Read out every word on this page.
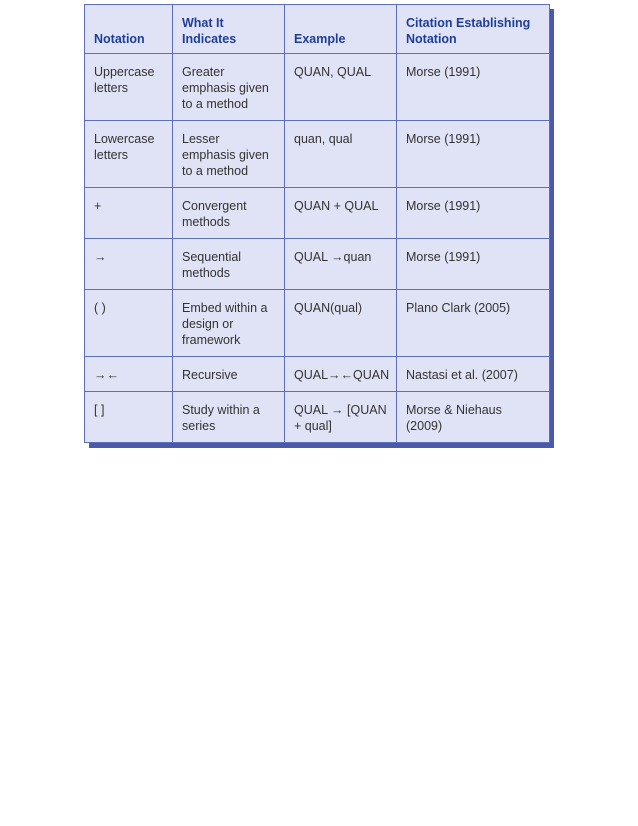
Notation	What It Indicates	Example	Citation Establishing Notation
Uppercase letters	Greater emphasis given to a method	QUAN, QUAL	Morse (1991)
Lowercase letters	Lesser emphasis given to a method	quan, qual	Morse (1991)
+	Convergent methods	QUAN + QUAL	Morse (1991)
→	Sequential methods	QUAL →quan	Morse (1991)
( )	Embed within a design or framework	QUAN(qual)	Plano Clark (2005)
→←	Recursive	QUAL→←QUAN	Nastasi et al. (2007)
[ ]	Study within a series	QUAL → [QUAN + qual]	Morse & Niehaus (2009)
